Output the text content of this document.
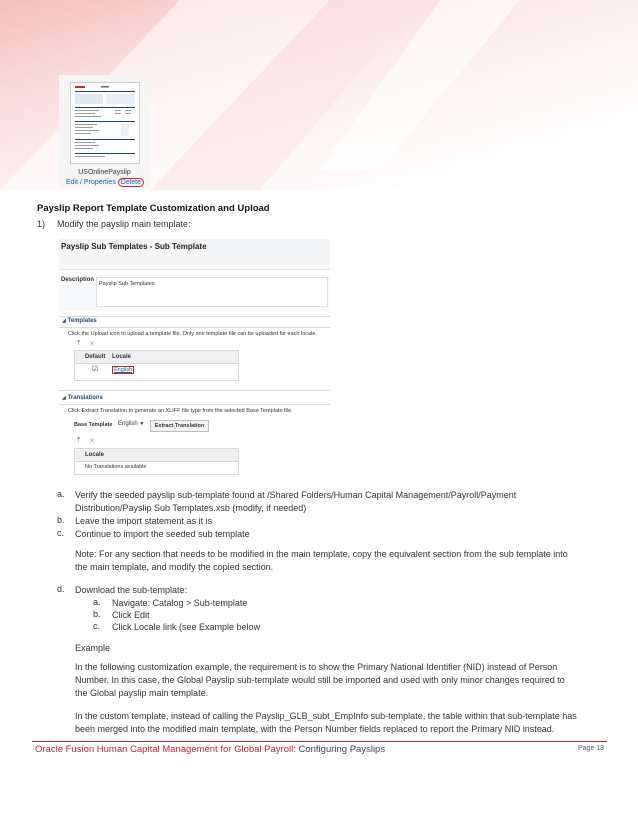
USOnlinePayslip
Edit / Properties Delete
Payslip Report Template Customization and Upload
1) Modify the payslip main template:
Payslip Sub Templates - Sub Template
Description
Payslip Sub Templates
◢ Templates
Click the Upload icon to upload a template file. Only one template file can be uploaded for each locale.
⤒ ✕
Default Locale
☑	English
◢ Translations
Click Extract Translation to generate an XLIFF file type from the selected Base Template file.
Base Template English ▼	Extract Translation
⤒ ✕
Locale
No Translations available
a. Verify the seeded payslip sub-template found at /Shared Folders/Human Capital Management/Payroll/Payment
Distribution/Payslip Sub Templates.xsb (modify, if needed)
b. Leave the import statement as it is
c. Continue to import the seeded sub template
Note: For any section that needs to be modified in the main template, copy the equivalent section from the sub template into
the main template, and modify the copied section.
d. Download the sub-template:
a. Navigate: Catalog > Sub-template
b. Click Edit
c. Click Locale link (see Example below
Example
In the following customization example, the requirement is to show the Primary National Identifier (NID) instead of Person
Number. In this case, the Global Payslip sub-template would still be imported and used with only minor changes required to
the Global payslip main template.
In the custom template, instead of calling the Payslip_GLB_subt_EmpInfo sub-template, the table within that sub-template has
been merged into the modified main template, with the Person Number fields replaced to report the Primary NID instead.
Oracle Fusion Human Capital Management for Global Payroll: Configuring Payslips	Page 13
